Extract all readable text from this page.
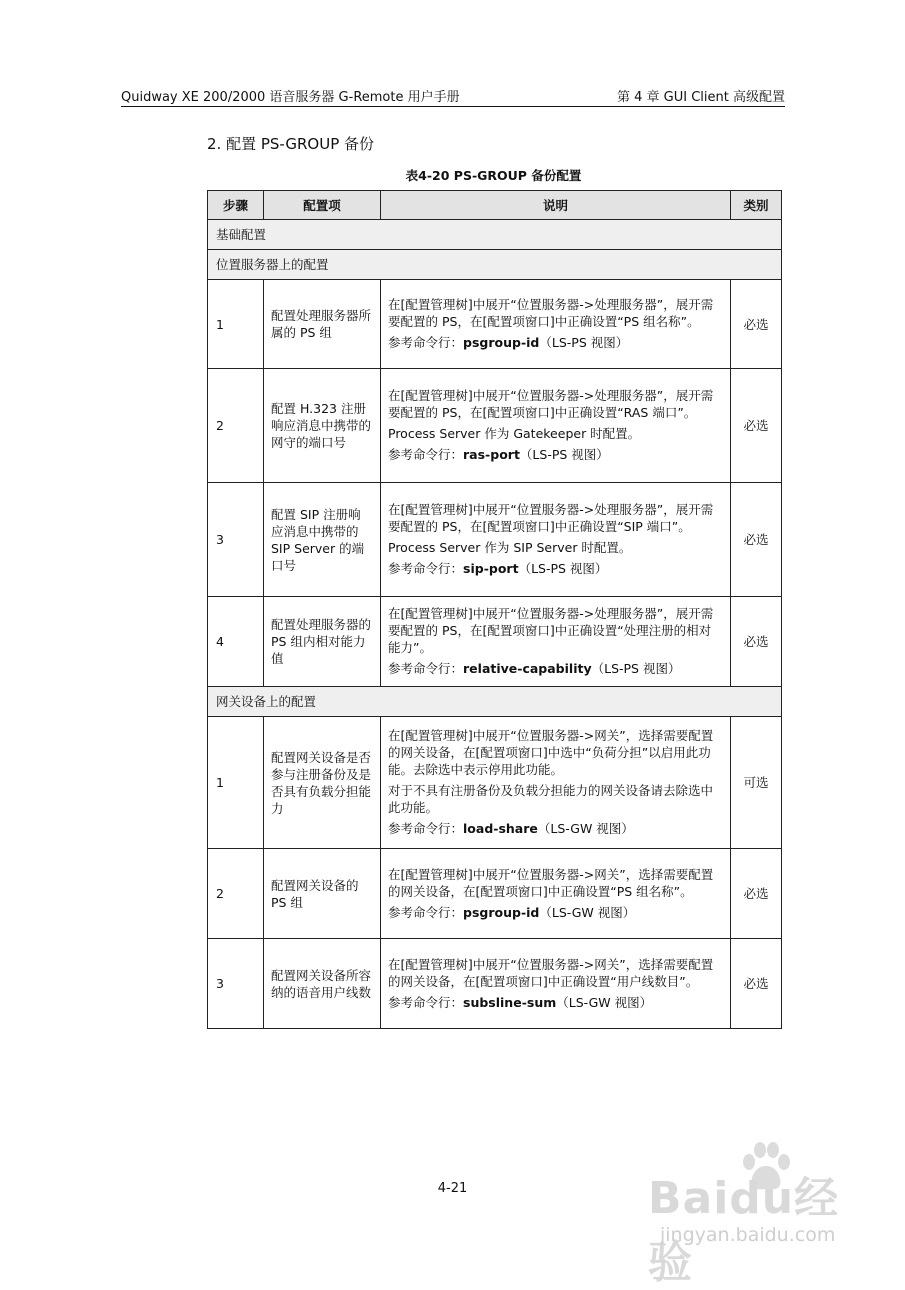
Quidway XE 200/2000 语音服务器 G-Remote 用户手册	第 4 章 GUI Client 高级配置
2. 配置 PS-GROUP 备份
表4-20 PS-GROUP 备份配置
步骤	配置项	说明	类别
基础配置			
位置服务器上的配置			
1	配置处理服务器所属的 PS 组	在[配置管理树]中展开“位置服务器->处理服务器”，展开需要配置的 PS，在[配置项窗口]中正确设置“PS 组名称”。

参考命令行：psgroup-id（LS-PS 视图）	必选
2	配置 H.323 注册响应消息中携带的网守的端口号	在[配置管理树]中展开“位置服务器->处理服务器”，展开需要配置的 PS，在[配置项窗口]中正确设置“RAS 端口”。

Process Server 作为 Gatekeeper 时配置。

参考命令行：ras-port（LS-PS 视图）	必选
3	配置 SIP 注册响应消息中携带的 SIP Server 的端口号	在[配置管理树]中展开“位置服务器->处理服务器”，展开需要配置的 PS，在[配置项窗口]中正确设置“SIP 端口”。

Process Server 作为 SIP Server 时配置。

参考命令行：sip-port（LS-PS 视图）	必选
4	配置处理服务器的 PS 组内相对能力值	在[配置管理树]中展开“位置服务器->处理服务器”，展开需要配置的 PS，在[配置项窗口]中正确设置“处理注册的相对能力”。

参考命令行：relative-capability（LS-PS 视图）	必选
网关设备上的配置			
1	配置网关设备是否参与注册备份及是否具有负载分担能力	在[配置管理树]中展开“位置服务器->网关”，选择需要配置的网关设备，在[配置项窗口]中选中“负荷分担”以启用此功能。去除选中表示停用此功能。

对于不具有注册备份及负载分担能力的网关设备请去除选中此功能。

参考命令行：load-share（LS-GW 视图）	可选
2	配置网关设备的 PS 组	在[配置管理树]中展开“位置服务器->网关”，选择需要配置的网关设备，在[配置项窗口]中正确设置“PS 组名称”。

参考命令行：psgroup-id（LS-GW 视图）	必选
3	配置网关设备所容纳的语音用户线数	在[配置管理树]中展开“位置服务器->网关”，选择需要配置的网关设备，在[配置项窗口]中正确设置“用户线数目”。

参考命令行：subsline-sum（LS-GW 视图）	必选
4-21	Baidu经验
jingyan.baidu.com
